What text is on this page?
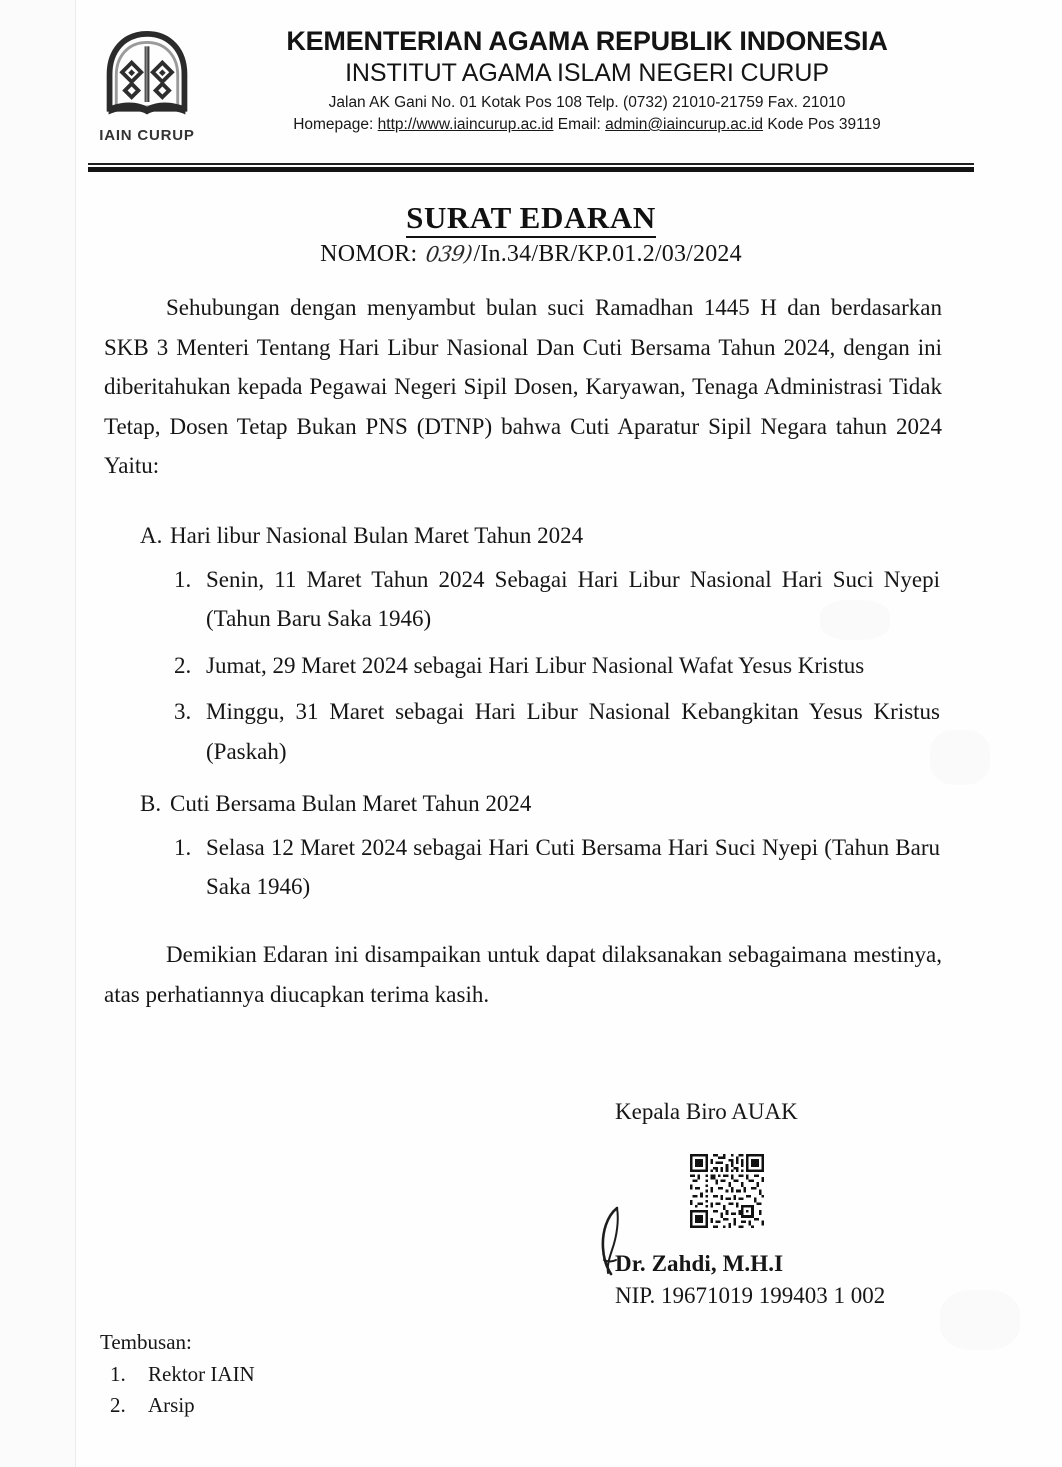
IAIN CURUP
KEMENTERIAN AGAMA REPUBLIK INDONESIA
INSTITUT AGAMA ISLAM NEGERI CURUP
Jalan AK Gani No. 01 Kotak Pos 108 Telp. (0732) 21010-21759 Fax. 21010
Homepage: http://www.iaincurup.ac.id Email: admin@iaincurup.ac.id Kode Pos 39119
SURAT EDARAN
NOMOR: 039)/In.34/BR/KP.01.2/03/2024
Sehubungan dengan menyambut bulan suci Ramadhan 1445 H dan berdasarkan SKB 3 Menteri Tentang Hari Libur Nasional Dan Cuti Bersama Tahun 2024, dengan ini diberitahukan kepada Pegawai Negeri Sipil Dosen, Karyawan, Tenaga Administrasi Tidak Tetap, Dosen Tetap Bukan PNS (DTNP) bahwa Cuti Aparatur Sipil Negara tahun 2024 Yaitu:
A. Hari libur Nasional Bulan Maret Tahun 2024
1. Senin, 11 Maret Tahun 2024 Sebagai Hari Libur Nasional Hari Suci Nyepi (Tahun Baru Saka 1946)
2. Jumat, 29 Maret 2024 sebagai Hari Libur Nasional Wafat Yesus Kristus
3. Minggu, 31 Maret sebagai Hari Libur Nasional Kebangkitan Yesus Kristus (Paskah)
B. Cuti Bersama Bulan Maret Tahun 2024
1. Selasa 12 Maret 2024 sebagai Hari Cuti Bersama Hari Suci Nyepi (Tahun Baru Saka 1946)
Demikian Edaran ini disampaikan untuk dapat dilaksanakan sebagaimana mestinya, atas perhatiannya diucapkan terima kasih.
Kepala Biro AUAK
Dr. Zahdi, M.H.I
NIP. 19671019 199403 1 002
Tembusan:
1.	Rektor IAIN
2.	Arsip
